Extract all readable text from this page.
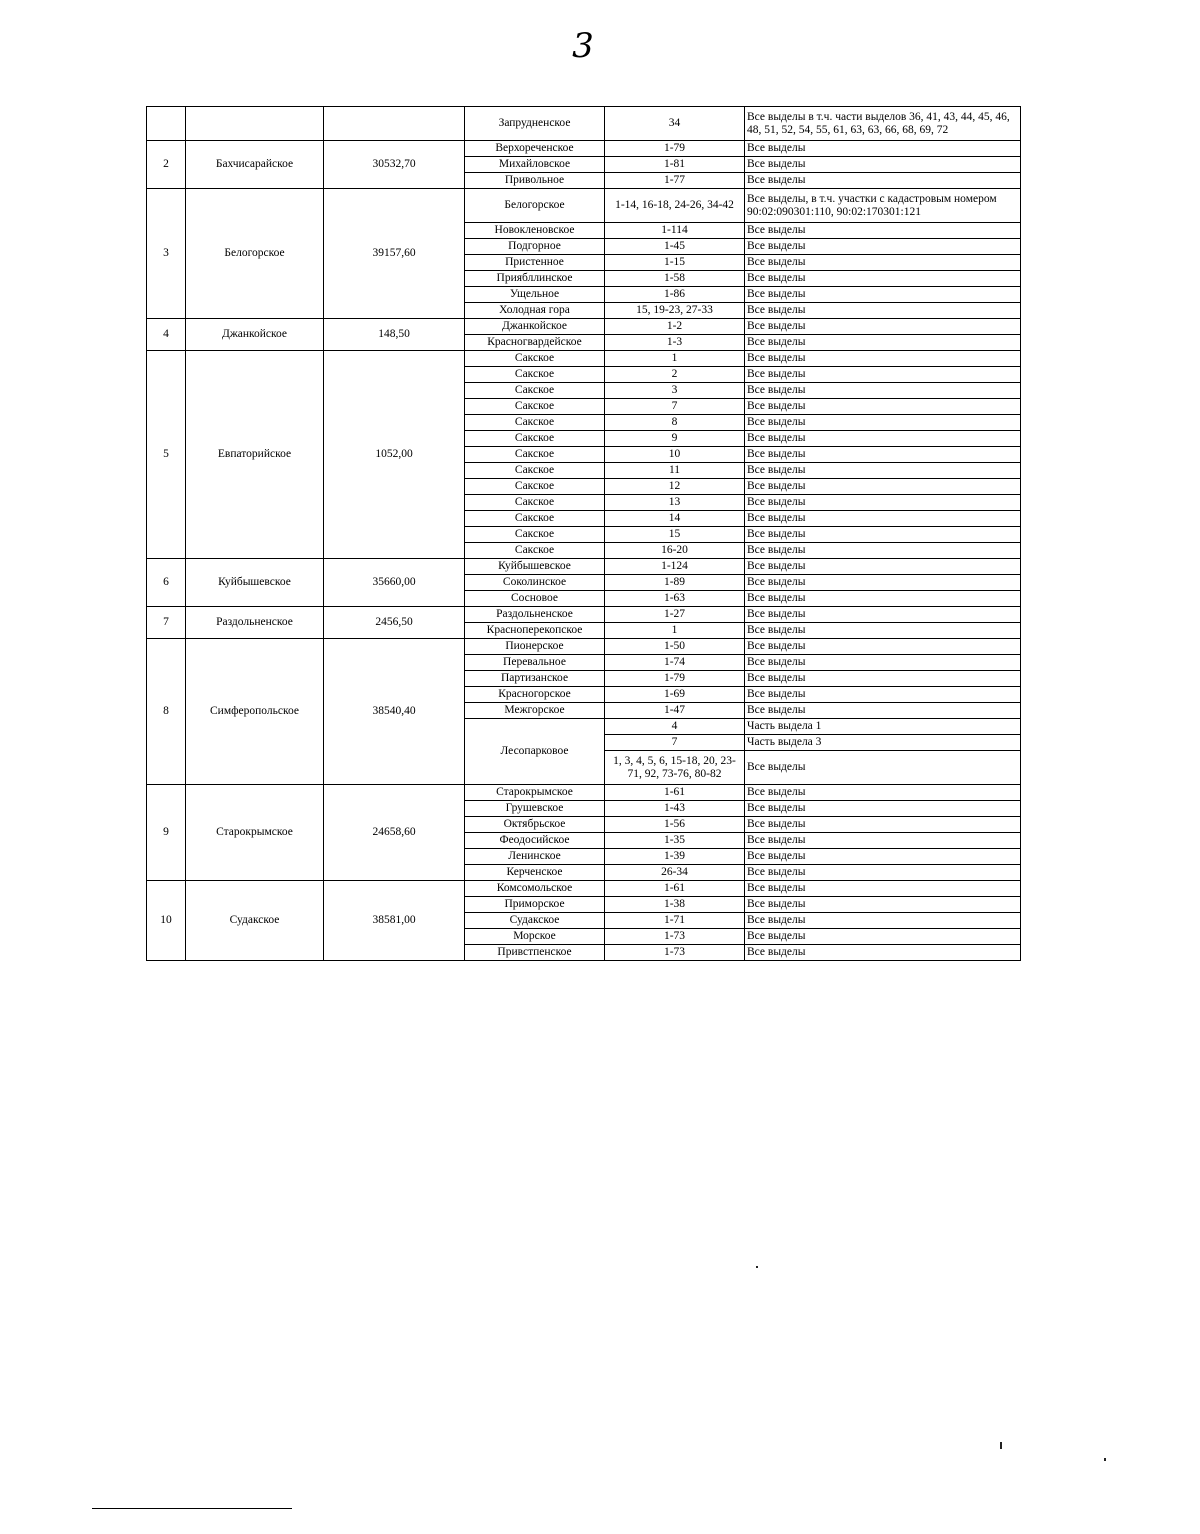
3
			Запрудненское	34	Все выделы в т.ч. части выделов 36, 41, 43, 44, 45, 46, 48, 51, 52, 54, 55, 61, 63, 63, 66, 68, 69, 72
2	Бахчисарайское	30532,70	Верхореченское	1-79	Все выделы
			Михайловское	1-81	Все выделы
			Привольное	1-77	Все выделы
3	Белогорское	39157,60	Белогорское	1-14, 16-18, 24-26, 34-42	Все выделы, в т.ч. участки с кадастровым номером 90:02:090301:110, 90:02:170301:121
			Новокленовское	1-114	Все выделы
			Подгорное	1-45	Все выделы
			Пристенное	1-15	Все выделы
			Приябллинское	1-58	Все выделы
			Ущельное	1-86	Все выделы
			Холодная гора	15, 19-23, 27-33	Все выделы
4	Джанкойское	148,50	Джанкойское	1-2	Все выделы
			Красногвардейское	1-3	Все выделы
5	Евпаторийское	1052,00	Сакское	1	Все выделы
			Сакское	2	Все выделы
			Сакское	3	Все выделы
			Сакское	7	Все выделы
			Сакское	8	Все выделы
			Сакское	9	Все выделы
			Сакское	10	Все выделы
			Сакское	11	Все выделы
			Сакское	12	Все выделы
			Сакское	13	Все выделы
			Сакское	14	Все выделы
			Сакское	15	Все выделы
			Сакское	16-20	Все выделы
6	Куйбышевское	35660,00	Куйбышевское	1-124	Все выделы
			Соколинское	1-89	Все выделы
			Сосновое	1-63	Все выделы
7	Раздольненское	2456,50	Раздольненское	1-27	Все выделы
			Красноперекопское	1	Все выделы
8	Симферопольское	38540,40	Пионерское	1-50	Все выделы
			Перевальное	1-74	Все выделы
			Партизанское	1-79	Все выделы
			Красногорское	1-69	Все выделы
			Межгорское	1-47	Все выделы
			Лесопарковое	4	Часть выдела 1
				7	Часть выдела 3
				1, 3, 4, 5, 6, 15-18, 20, 23-71, 92, 73-76, 80-82	Все выделы
9	Старокрымское	24658,60	Старокрымское	1-61	Все выделы
			Грушевское	1-43	Все выделы
			Октябрьское	1-56	Все выделы
			Феодосийское	1-35	Все выделы
			Ленинское	1-39	Все выделы
			Керченское	26-34	Все выделы
10	Судакское	38581,00	Комсомольское	1-61	Все выделы
			Приморское	1-38	Все выделы
			Судакское	1-71	Все выделы
			Морское	1-73	Все выделы
			Привстпенское	1-73	Все выделы
